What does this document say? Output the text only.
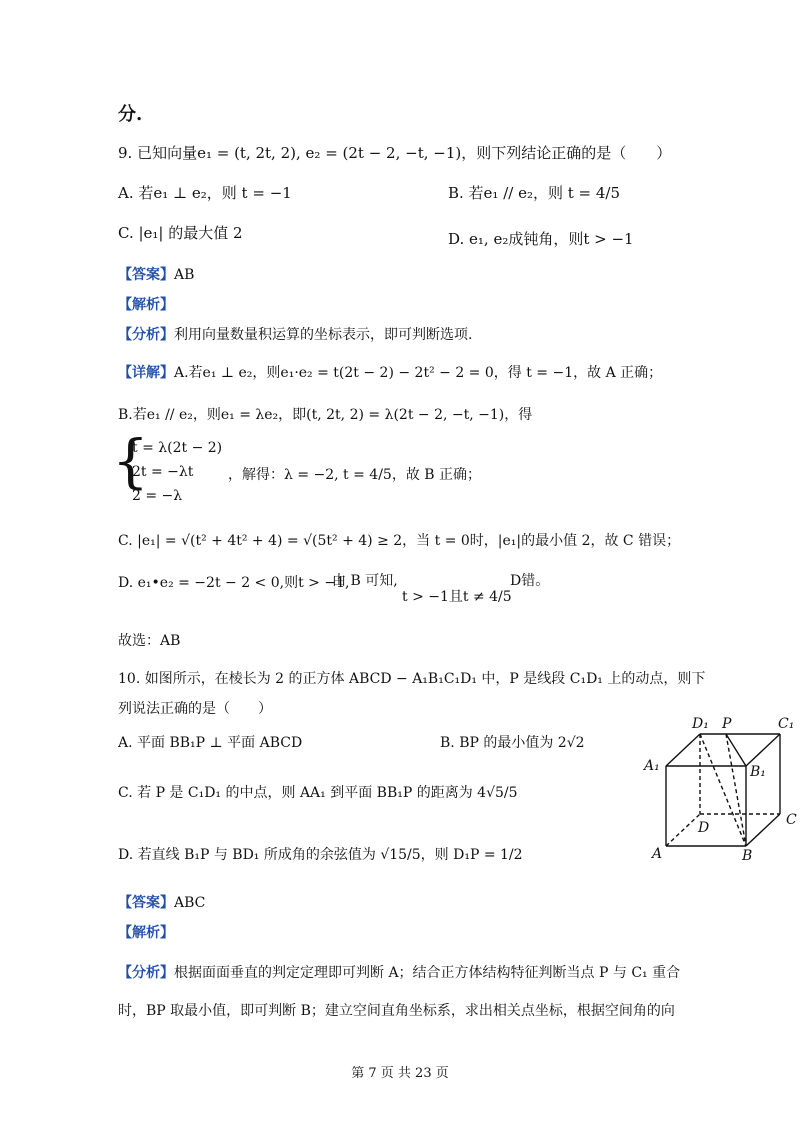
分.
9. 已知向量e₁ = (t, 2t, 2), e₂ = (2t − 2, −t, −1)，则下列结论正确的是（　　）
A. 若e₁ ⊥ e₂，则 t = −1	B. 若e₁ // e₂，则 t = 4/5
C. |e₁| 的最大值 2	D. e₁, e₂成钝角，则t > −1
【答案】AB
【解析】
【分析】利用向量数量积运算的坐标表示，即可判断选项.
【详解】A.若e₁ ⊥ e₂，则e₁·e₂ = t(2t − 2) − 2t² − 2 = 0，得 t = −1，故 A 正确；
B.若e₁ // e₂，则e₁ = λe₂，即(t, 2t, 2) = λ(2t − 2, −t, −1)，得
{
t = λ(2t − 2)
2t = −λt
2 = −λ
，解得：λ = −2, t = 4/5，故 B 正确；
C. |e₁| = √(t² + 4t² + 4) = √(5t² + 4) ≥ 2，当 t = 0时，|e₁|的最小值 2，故 C 错误；
D. e₁•e₂ = −2t − 2 < 0,则t > −1,
由 B 可知,
t > −1且t ≠ 4/5
D错。
故选：AB
10. 如图所示，在棱长为 2 的正方体 ABCD − A₁B₁C₁D₁ 中，P 是线段 C₁D₁ 上的动点，则下
列说法正确的是（　　）
A. 平面 BB₁P ⊥ 平面 ABCD	B. BP 的最小值为 2√2
C. 若 P 是 C₁D₁ 的中点，则 AA₁ 到平面 BB₁P 的距离为 4√5/5
D. 若直线 B₁P 与 BD₁ 所成角的余弦值为 √15/5，则 D₁P = 1/2
D₁ P	C₁
A₁	B₁
D	C
A	B
【答案】ABC
【解析】
【分析】根据面面垂直的判定定理即可判断 A；结合正方体结构特征判断当点 P 与 C₁ 重合
时，BP 取最小值，即可判断 B；建立空间直角坐标系，求出相关点坐标，根据空间角的向
第 7 页 共 23 页
